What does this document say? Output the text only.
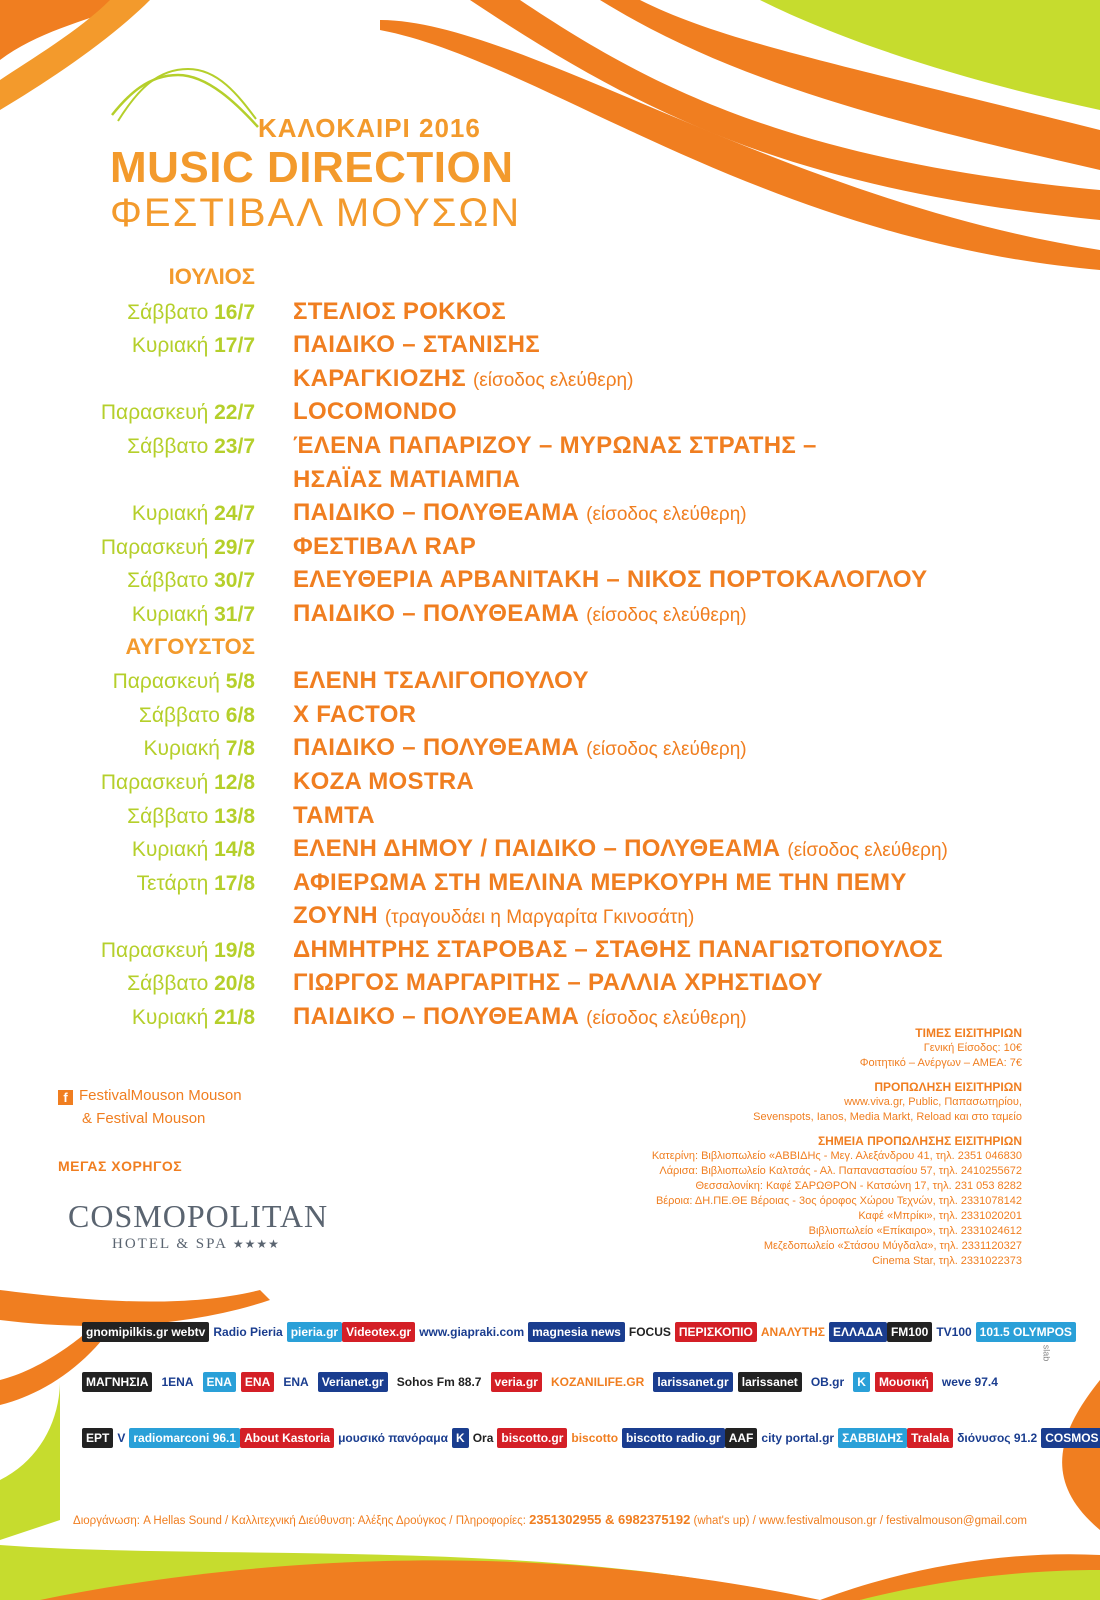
ΚΑΛΟΚΑΙΡΙ 2016
MUSIC DIRECTION
ΦΕΣΤΙΒΑΛ ΜΟΥΣΩΝ
ΙΟΥΛΙΟΣ
Σάββατο 16/7 ΣΤΕΛΙΟΣ ΡΟΚΚΟΣ
Κυριακή 17/7 ΠΑΙΔΙΚΟ – ΣΤΑΝΙΣΗΣ
ΚΑΡΑΓΚΙΟΖΗΣ (είσοδος ελεύθερη)
Παρασκευή 22/7 LOCOMONDO
Σάββατο 23/7 ΈΛΕΝΑ ΠΑΠΑΡΙΖΟΥ – ΜΥΡΩΝΑΣ ΣΤΡΑΤΗΣ –
ΗΣΑΪΑΣ ΜΑΤΙΑΜΠΑ
Κυριακή 24/7 ΠΑΙΔΙΚΟ – ΠΟΛΥΘΕΑΜΑ (είσοδος ελεύθερη)
Παρασκευή 29/7 ΦΕΣΤΙΒΑΛ RAP
Σάββατο 30/7 ΕΛΕΥΘΕΡΙΑ ΑΡΒΑΝΙΤΑΚΗ – ΝΙΚΟΣ ΠΟΡΤΟΚΑΛΟΓΛΟΥ
Κυριακή 31/7 ΠΑΙΔΙΚΟ – ΠΟΛΥΘΕΑΜΑ (είσοδος ελεύθερη)
ΑΥΓΟΥΣΤΟΣ
Παρασκευή 5/8 ΕΛΕΝΗ ΤΣΑΛΙΓΟΠΟΥΛΟΥ
Σάββατο 6/8 X FACTOR
Κυριακή 7/8 ΠΑΙΔΙΚΟ – ΠΟΛΥΘΕΑΜΑ (είσοδος ελεύθερη)
Παρασκευή 12/8 KOZA MOSTRA
Σάββατο 13/8 ΤΑΜΤΑ
Κυριακή 14/8 ΕΛΕΝΗ ΔΗΜΟΥ / ΠΑΙΔΙΚΟ – ΠΟΛΥΘΕΑΜΑ (είσοδος ελεύθερη)
Τετάρτη 17/8 ΑΦΙΕΡΩΜΑ ΣΤΗ ΜΕΛΙΝΑ ΜΕΡΚΟΥΡΗ ΜΕ ΤΗΝ ΠΕΜΥ
ΖΟΥΝΗ (τραγουδάει η Μαργαρίτα Γκινοσάτη)
Παρασκευή 19/8 ΔΗΜΗΤΡΗΣ ΣΤΑΡΟΒΑΣ – ΣΤΑΘΗΣ ΠΑΝΑΓΙΩΤΟΠΟΥΛΟΣ
Σάββατο 20/8 ΓΙΩΡΓΟΣ ΜΑΡΓΑΡΙΤΗΣ – ΡΑΛΛΙΑ ΧΡΗΣΤΙΔΟΥ
Κυριακή 21/8 ΠΑΙΔΙΚΟ – ΠΟΛΥΘΕΑΜΑ (είσοδος ελεύθερη)
ΤΙΜΕΣ ΕΙΣΙΤΗΡΙΩΝ
Γενική Είσοδος: 10€
Φοιτητικό – Ανέργων – ΑΜΕΑ: 7€
ΠΡΟΠΩΛΗΣΗ ΕΙΣΙΤΗΡΙΩΝ
www.viva.gr, Public, Παπασωτηρίου,
Sevenspots, Ianos, Media Markt, Reload και στο ταμείο
ΣΗΜΕΙΑ ΠΡΟΠΩΛΗΣΗΣ ΕΙΣΙΤΗΡΙΩΝ
Κατερίνη: Βιβλιοπωλείο «ΑΒΒΙΔΗς - Μεγ. Αλεξάνδρου 41, τηλ. 2351 046830
Λάρισα: Βιβλιοπωλείο Καλτσάς - Αλ. Παπαναστασίου 57, τηλ. 2410255672
Θεσσαλονίκη: Καφέ ΣΑΡΩΘΡΟΝ - Κατσώνη 17, τηλ. 231 053 8282
Βέροια: ΔΗ.ΠΕ.ΘΕ Βέροιας - 3ος όροφος Χώρου Τεχνών, τηλ. 2331078142
Καφέ «Μπρίκι», τηλ. 2331020201
Βιβλιοπωλείο «Επίκαιρο», τηλ. 2331024612
Μεζεδοπωλείο «Στάσου Μύγδαλα», τηλ. 2331120327
Cinema Star, τηλ. 2331022373
f FestivalMouson Mouson
& Festival Mouson
ΜΕΓΑΣ ΧΟΡΗΓΟΣ
COSMOPOLITAN
HOTEL & SPA ★★★★
gnomipilkis.gr webtv Radio Pieria pieria.gr Videotex.gr www.giapraki.com magnesia news FOCUS ΠΕΡΙΣΚΟΠΙΟ ΑΝΑΛΥΤΗΣ ΕΛΛΑΔΑ FM100 TV100 101.5 OLYMPOS
ΜΑΓΝΗΣΙΑ	1ENA	ENA	ENA	ENA	Verianet.gr	Sohos Fm 88.7	veria.gr	KOZANILIFE.GR	larissanet.gr	larissanet	OB.gr	K	Μουσική	weve 97.4
ΕΡΤ V radiomarconi 96.1 About Kastoria μουσικό πανόραμα K Ora biscotto.gr biscotto biscotto radio.gr AAF city portal.gr ΣΑΒΒΙΔΗΣ Tralala διόνυσος 91.2 COSMOS
slab
Διοργάνωση: A Hellas Sound / Καλλιτεχνική Διεύθυνση: Αλέξης Δρούγκος / Πληροφορίες: 2351302955 & 6982375192 (what's up) / www.festivalmouson.gr / festivalmouson@gmail.com
